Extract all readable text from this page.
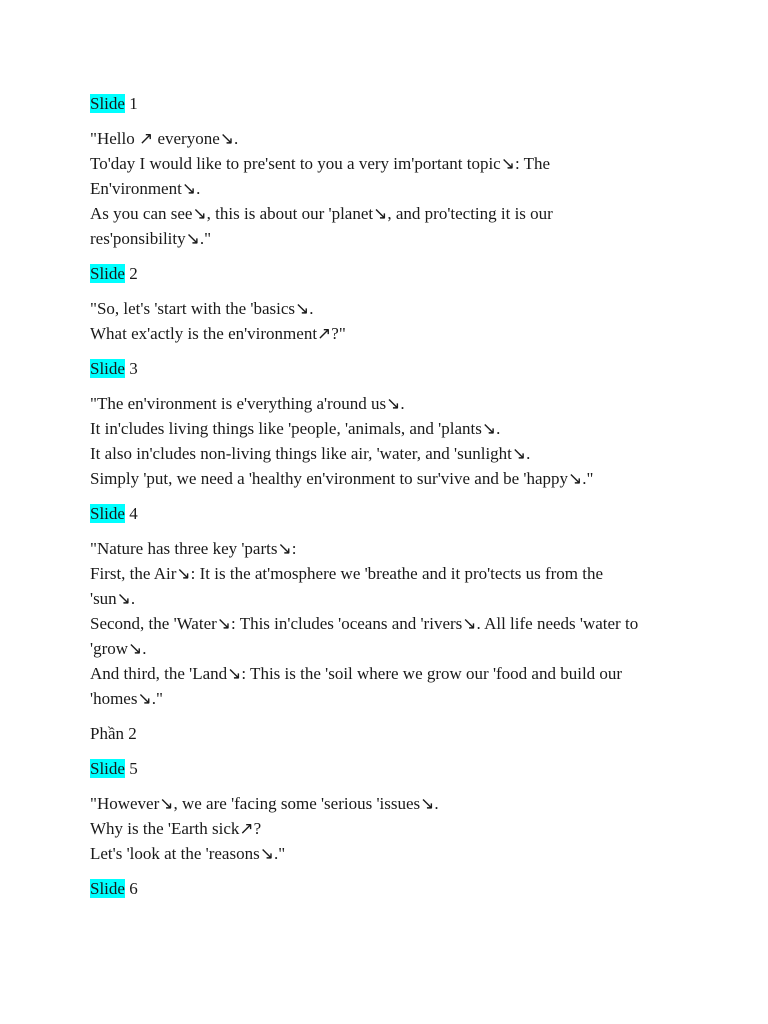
Slide 1
"Hello ↗ everyone↘.
To'day I would like to pre'sent to you a very im'portant topic↘: The
En'vironment↘.
As you can see↘, this is about our 'planet↘, and pro'tecting it is our
res'ponsibility↘."
Slide 2
"So, let's 'start with the 'basics↘.
What ex'actly is the en'vironment↗?"
Slide 3
"The en'vironment is e'verything a'round us↘.
It in'cludes living things like 'people, 'animals, and 'plants↘.
It also in'cludes non-living things like air, 'water, and 'sunlight↘.
Simply 'put, we need a 'healthy en'vironment to sur'vive and be 'happy↘."
Slide 4
"Nature has three key 'parts↘:
First, the Air↘: It is the at'mosphere we 'breathe and it pro'tects us from the
'sun↘.
Second, the 'Water↘: This in'cludes 'oceans and 'rivers↘. All life needs 'water to
'grow↘.
And third, the 'Land↘: This is the 'soil where we grow our 'food and build our
'homes↘."
Phần 2
Slide 5
"However↘, we are 'facing some 'serious 'issues↘.
Why is the 'Earth sick↗?
Let's 'look at the 'reasons↘."
Slide 6
